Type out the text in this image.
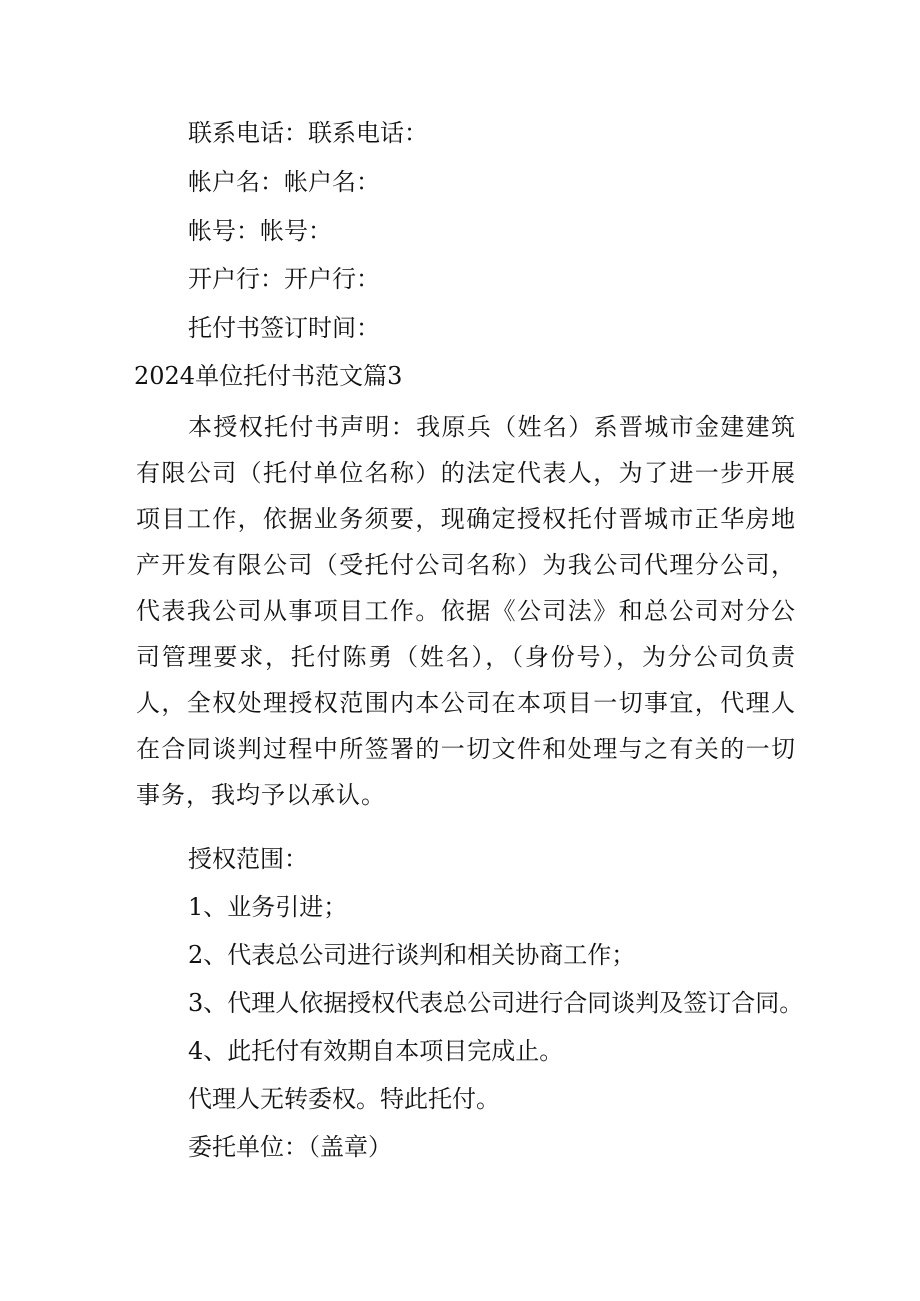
联系电话：联系电话：

帐户名：帐户名：

帐号：帐号：

开户行：开户行：

托付书签订时间：

2024单位托付书范文篇3

本授权托付书声明：我原兵（姓名）系晋城市金建建筑有限公司（托付单位名称）的法定代表人，为了进一步开展项目工作，依据业务须要，现确定授权托付晋城市正华房地产开发有限公司（受托付公司名称）为我公司代理分公司，代表我公司从事项目工作。依据《公司法》和总公司对分公司管理要求，托付陈勇（姓名），（身份号），为分公司负责人，全权处理授权范围内本公司在本项目一切事宜，代理人在合同谈判过程中所签署的一切文件和处理与之有关的一切事务，我均予以承认。

授权范围：

1、业务引进；

2、代表总公司进行谈判和相关协商工作；

3、代理人依据授权代表总公司进行合同谈判及签订合同。

4、此托付有效期自本项目完成止。

代理人无转委权。特此托付。

委托单位：（盖章）
